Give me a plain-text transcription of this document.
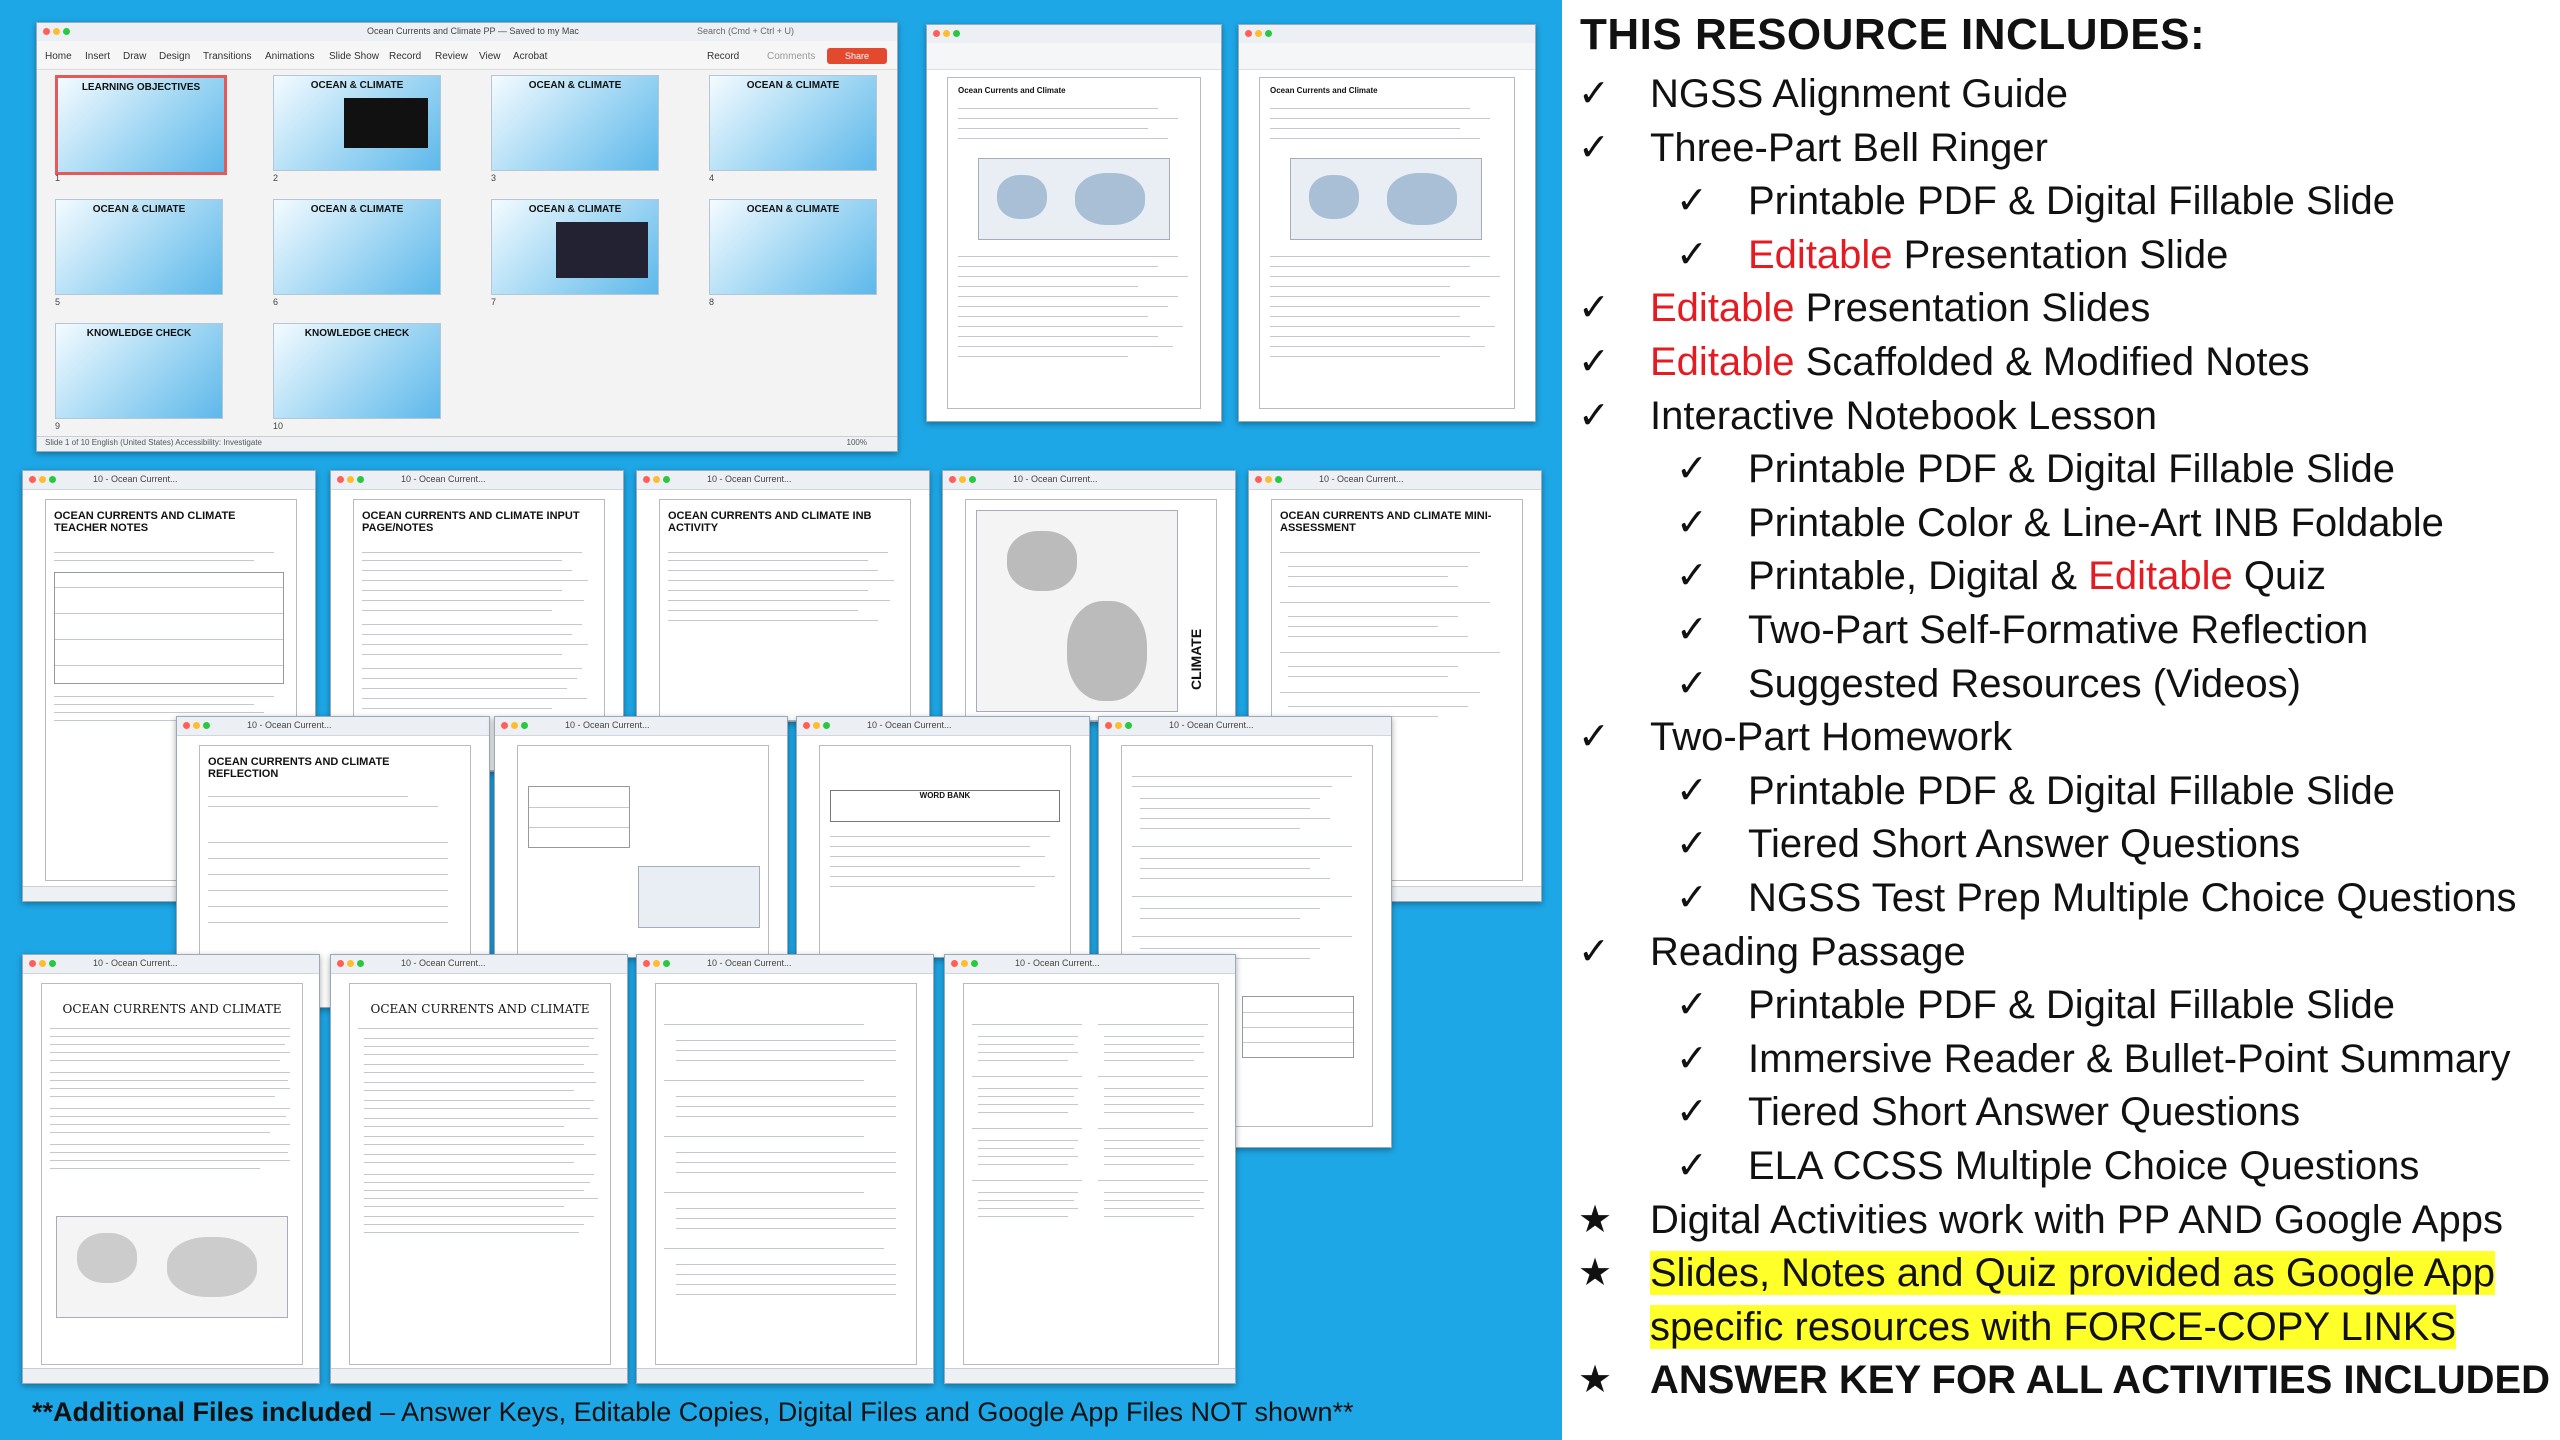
Ocean Currents and Climate PP — Saved to my Mac	Search (Cmd + Ctrl + U)
Home Insert Draw Design Transitions Animations Slide Show Record Review View Acrobat	Record	Comments	Share
LEARNING OBJECTIVES	OCEAN & CLIMATE	OCEAN & CLIMATE	OCEAN & CLIMATE
1	2	3	4
OCEAN & CLIMATE	OCEAN & CLIMATE	OCEAN & CLIMATE	OCEAN & CLIMATE
5	6	7	8
KNOWLEDGE CHECK	KNOWLEDGE CHECK
9	10
Slide 1 of 10 English (United States) Accessibility: Investigate	100%
Ocean Currents and Climate	Ocean Currents and Climate
10 - Ocean Current...
OCEAN CURRENTS AND CLIMATE TEACHER NOTES
10 - Ocean Current...
OCEAN CURRENTS AND CLIMATE INPUT PAGE/NOTES
10 - Ocean Current...
OCEAN CURRENTS AND CLIMATE INB ACTIVITY
10 - Ocean Current...
CLIMATE
10 - Ocean Current...
OCEAN CURRENTS AND CLIMATE MINI-ASSESSMENT
10 - Ocean Current...
OCEAN CURRENTS AND CLIMATE REFLECTION
10 - Ocean Current...	10 - Ocean Current...
WORD BANK
10 - Ocean Current...
10 - Ocean Current...
OCEAN CURRENTS AND CLIMATE
10 - Ocean Current...
OCEAN CURRENTS AND CLIMATE
10 - Ocean Current...	10 - Ocean Current...
**Additional Files included – Answer Keys, Editable Copies, Digital Files and Google App Files NOT shown**
THIS RESOURCE INCLUDES:
✓ NGSS Alignment Guide
✓ Three-Part Bell Ringer
✓ Printable PDF & Digital Fillable Slide
✓ Editable Presentation Slide
✓ Editable Presentation Slides
✓ Editable Scaffolded & Modified Notes
✓ Interactive Notebook Lesson
✓ Printable PDF & Digital Fillable Slide
✓ Printable Color & Line-Art INB Foldable
✓ Printable, Digital & Editable Quiz
✓ Two-Part Self-Formative Reflection
✓ Suggested Resources (Videos)
✓ Two-Part Homework
✓ Printable PDF & Digital Fillable Slide
✓ Tiered Short Answer Questions
✓ NGSS Test Prep Multiple Choice Questions
✓ Reading Passage
✓ Printable PDF & Digital Fillable Slide
✓ Immersive Reader & Bullet-Point Summary
✓ Tiered Short Answer Questions
✓ ELA CCSS Multiple Choice Questions
★ Digital Activities work with PP AND Google Apps
★ Slides, Notes and Quiz provided as Google App
specific resources with FORCE-COPY LINKS
★ ANSWER KEY FOR ALL ACTIVITIES INCLUDED
